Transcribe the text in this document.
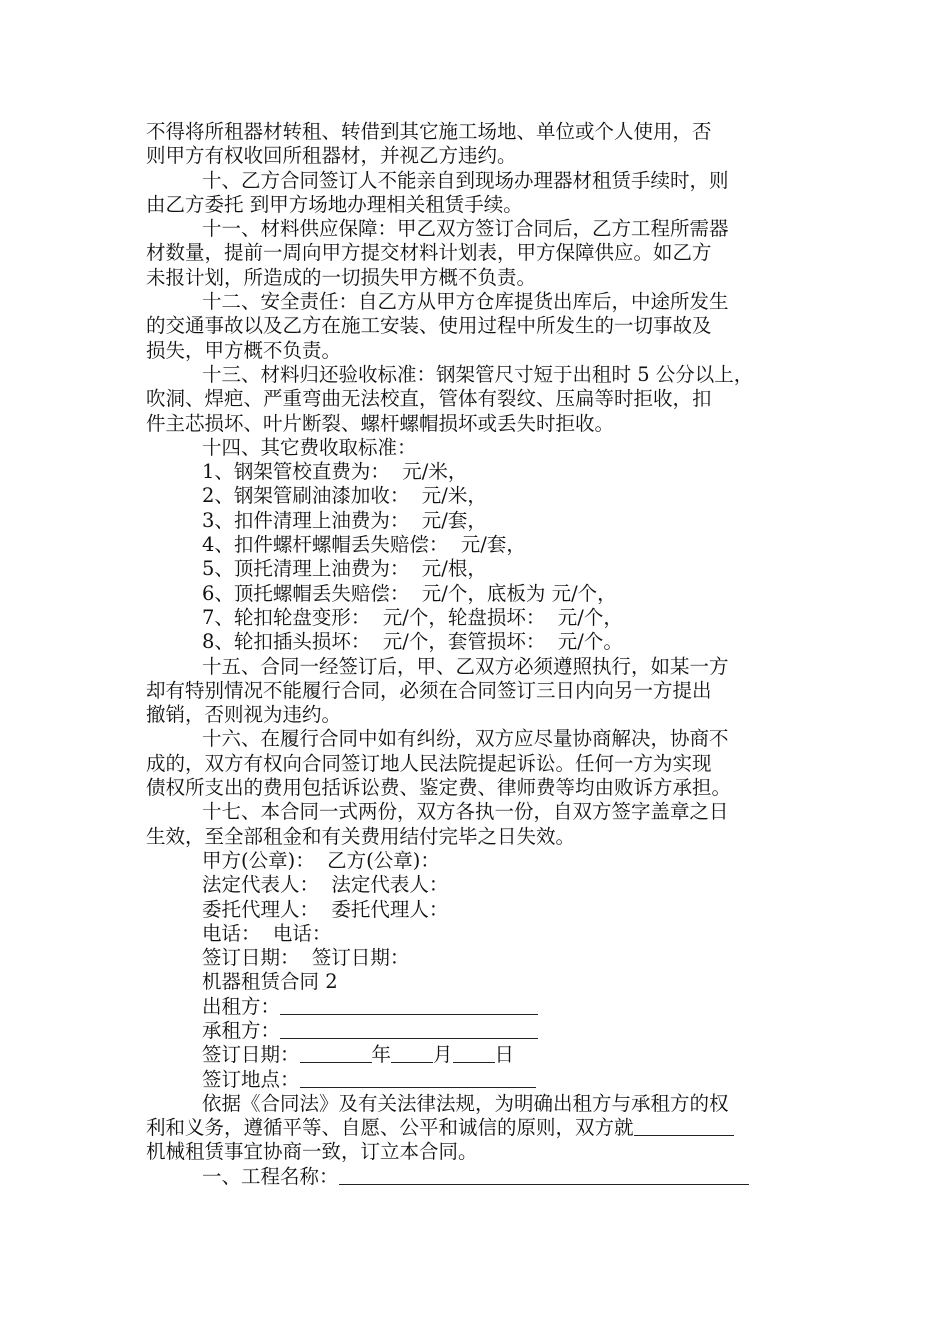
不得将所租器材转租、转借到其它施工场地、单位或个人使用，否
则甲方有权收回所租器材，并视乙方违约。
十、乙方合同签订人不能亲自到现场办理器材租赁手续时，则
由乙方委托 到甲方场地办理相关租赁手续。
十一、材料供应保障：甲乙双方签订合同后，乙方工程所需器
材数量，提前一周向甲方提交材料计划表，甲方保障供应。如乙方
未报计划，所造成的一切损失甲方概不负责。
十二、安全责任：自乙方从甲方仓库提货出库后，中途所发生
的交通事故以及乙方在施工安装、使用过程中所发生的一切事故及
损失，甲方概不负责。
十三、材料归还验收标准：钢架管尺寸短于出租时 5 公分以上，
吹洞、焊疤、严重弯曲无法校直，管体有裂纹、压扁等时拒收，扣
件主芯损坏、叶片断裂、螺杆螺帽损坏或丢失时拒收。
十四、其它费收取标准：
1、钢架管校直费为：  元/米，
2、钢架管刷油漆加收：  元/米，
3、扣件清理上油费为：  元/套，
4、扣件螺杆螺帽丢失赔偿：  元/套，
5、顶托清理上油费为：  元/根，
6、顶托螺帽丢失赔偿：  元/个，底板为 元/个，
7、轮扣轮盘变形：  元/个，轮盘损坏：  元/个，
8、轮扣插头损坏：  元/个，套管损坏：  元/个。
十五、合同一经签订后，甲、乙双方必须遵照执行，如某一方
却有特别情况不能履行合同，必须在合同签订三日内向另一方提出
撤销，否则视为违约。
十六、在履行合同中如有纠纷，双方应尽量协商解决，协商不
成的，双方有权向合同签订地人民法院提起诉讼。任何一方为实现
债权所支出的费用包括诉讼费、鉴定费、律师费等均由败诉方承担。
十七、本合同一式两份，双方各执一份，自双方签字盖章之日
生效，至全部租金和有关费用结付完毕之日失效。
甲方(公章)：  乙方(公章)：
法定代表人：  法定代表人：
委托代理人：  委托代理人：
电话：  电话：
签订日期：  签订日期：
机器租赁合同 2
出租方：
承租方：
签订日期：	年 月 日
签订地点：
依据《合同法》及有关法律法规，为明确出租方与承租方的权
利和义务，遵循平等、自愿、公平和诚信的原则，双方就
机械租赁事宜协商一致，订立本合同。
一、工程名称：
